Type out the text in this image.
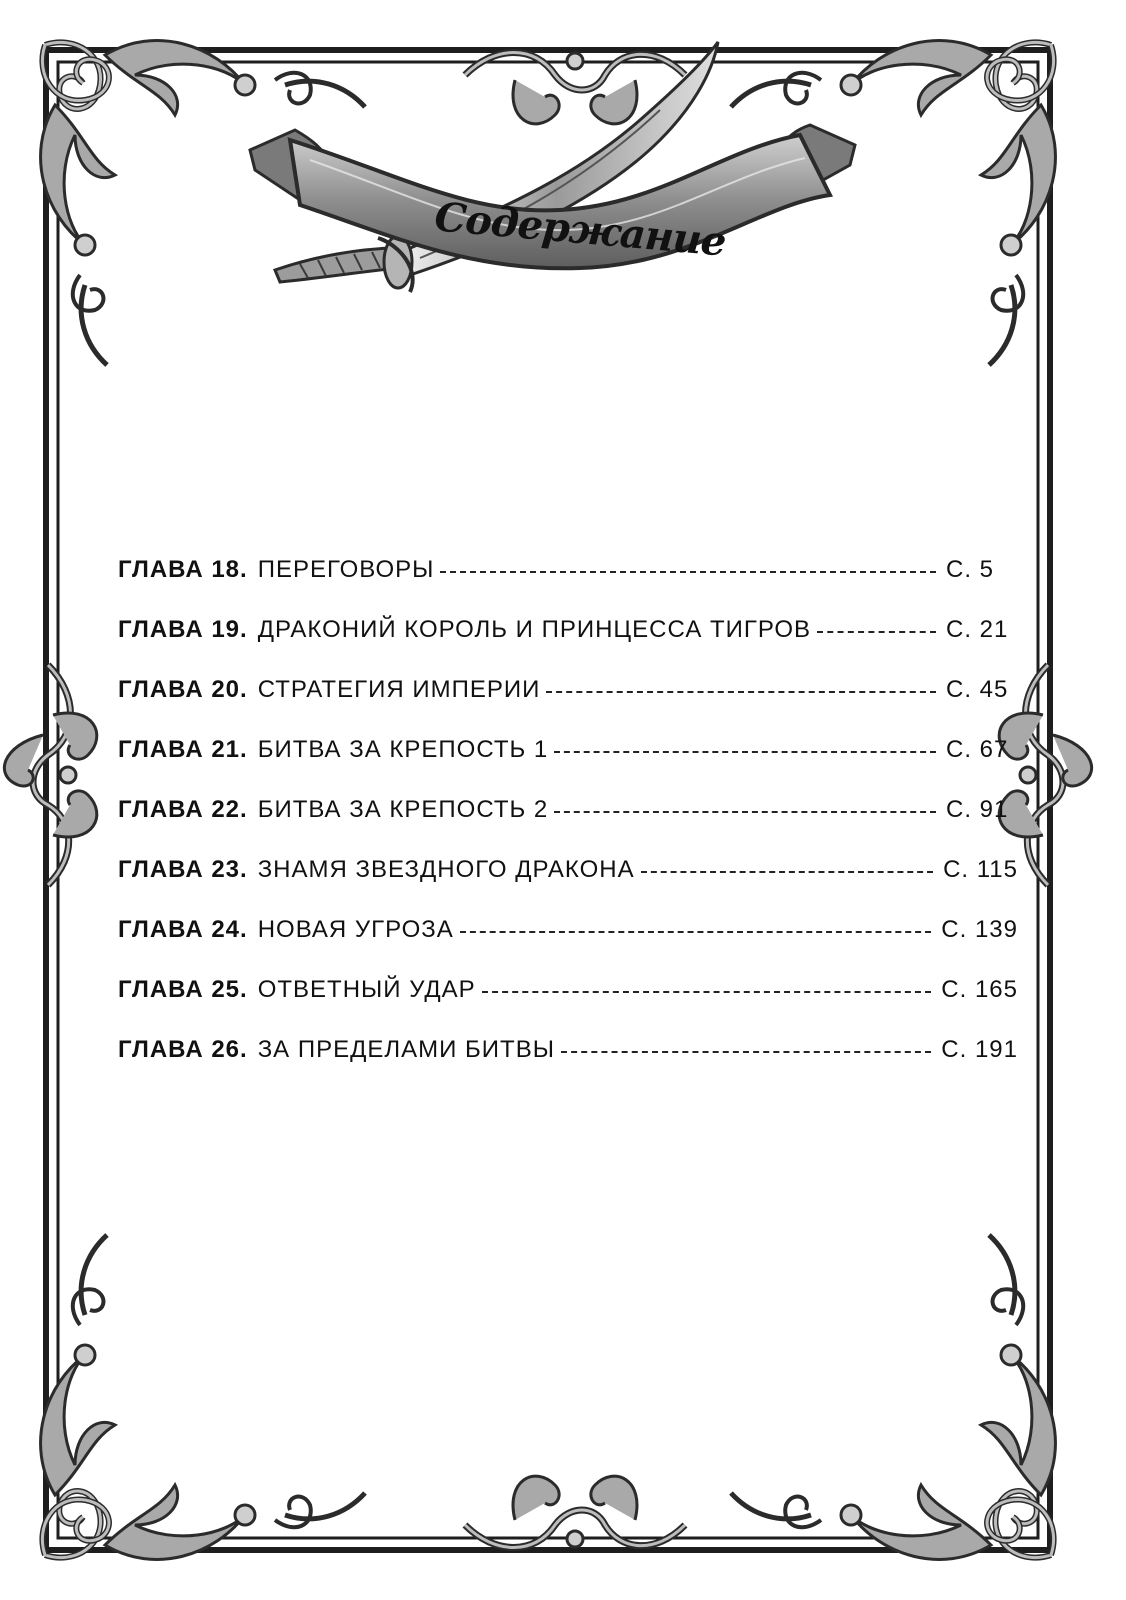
Содержание
ГЛАВА 18. ПЕРЕГОВОРЫ	С. 5
ГЛАВА 19. ДРАКОНИЙ КОРОЛЬ И ПРИНЦЕССА ТИГРОВ	С. 21
ГЛАВА 20. СТРАТЕГИЯ ИМПЕРИИ	С. 45
ГЛАВА 21. БИТВА ЗА КРЕПОСТЬ 1	С. 67
ГЛАВА 22. БИТВА ЗА КРЕПОСТЬ 2	С. 91
ГЛАВА 23. ЗНАМЯ ЗВЕЗДНОГО ДРАКОНА	С. 115
ГЛАВА 24. НОВАЯ УГРОЗА	С. 139
ГЛАВА 25. ОТВЕТНЫЙ УДАР	С. 165
ГЛАВА 26. ЗА ПРЕДЕЛАМИ БИТВЫ	С. 191
